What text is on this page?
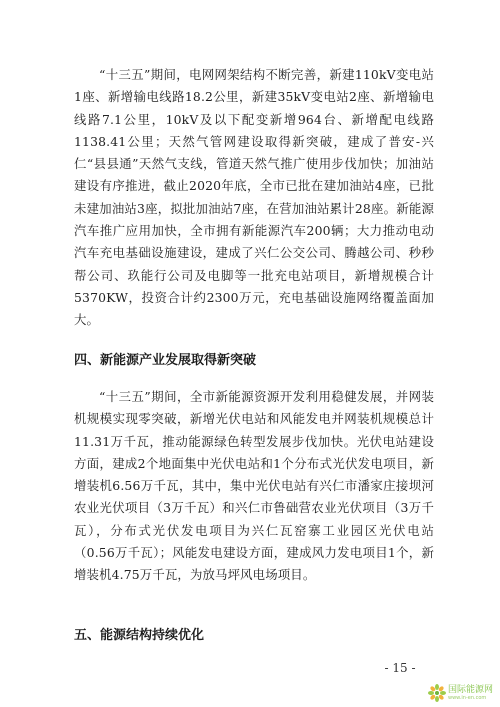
“十三五”期间，电网网架结构不断完善，新建110kV变电站1座、新增输电线路18.2公里，新建35kV变电站2座、新增输电线路7.1公里，10kV及以下配变新增964台、新增配电线路1138.41公里；天然气管网建设取得新突破，建成了普安-兴仁“县县通”天然气支线，管道天然气推广使用步伐加快；加油站建设有序推进，截止2020年底，全市已批在建加油站4座，已批未建加油站3座，拟批加油站7座，在营加油站累计28座。新能源汽车推广应用加快，全市拥有新能源汽车200辆；大力推动电动汽车充电基础设施建设，建成了兴仁公交公司、腾越公司、秒秒帮公司、玖能行公司及电脚等一批充电站项目，新增规模合计5370KW，投资合计约2300万元，充电基础设施网络覆盖面加大。

四、新能源产业发展取得新突破

“十三五”期间，全市新能源资源开发利用稳健发展，并网装机规模实现零突破，新增光伏电站和风能发电并网装机规模总计11.31万千瓦，推动能源绿色转型发展步伐加快。光伏电站建设方面，建成2个地面集中光伏电站和1个分布式光伏发电项目，新增装机6.56万千瓦，其中，集中光伏电站有兴仁市潘家庄接坝河农业光伏项目（3万千瓦）和兴仁市鲁础营农业光伏项目（3万千瓦），分布式光伏发电项目为兴仁瓦窑寨工业园区光伏电站（0.56万千瓦）；风能发电建设方面，建成风力发电项目1个，新增装机4.75万千瓦，为放马坪风电场项目。

五、能源结构持续优化
- 15 -
国际能源网
www.in-en.com
